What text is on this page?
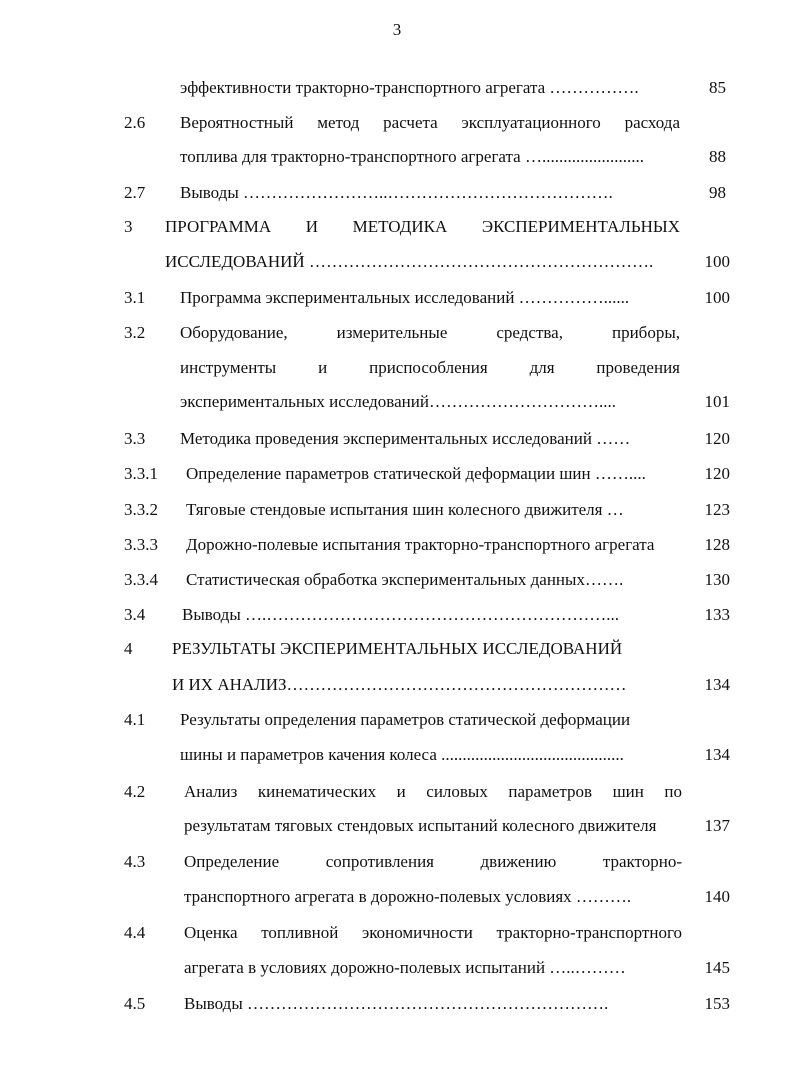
3
эффективности тракторно-транспортного агрегата …………….	85
2.6 Вероятностный метод расчета эксплуатационного расхода
топлива для тракторно-транспортного агрегата …........................	88
2.7 Выводы ……………………..………………………………….	98
3 ПРОГРАММА И МЕТОДИКА ЭКСПЕРИМЕНТАЛЬНЫХ
ИССЛЕДОВАНИЙ …………………………………………………….	100
3.1 Программа экспериментальных исследований ……………......	100
3.2 Оборудование, измерительные средства, приборы,
инструменты и приспособления для проведения
экспериментальных исследований…………………………....	101
3.3 Методика проведения экспериментальных исследований ……	120
3.3.1 Определение параметров статической деформации шин ……....	120
3.3.2 Тяговые стендовые испытания шин колесного движителя …	123
3.3.3 Дорожно-полевые испытания тракторно-транспортного агрегата	128
3.3.4 Статистическая обработка экспериментальных данных…….	130
3.4 Выводы ….……………………………………………………...	133
4 РЕЗУЛЬТАТЫ ЭКСПЕРИМЕНТАЛЬНЫХ ИССЛЕДОВАНИЙ
И ИХ АНАЛИЗ……………………………………………………	134
4.1 Результаты определения параметров статической деформации
шины и параметров качения колеса ...........................................	134
4.2 Анализ кинематических и силовых параметров шин по
результатам тяговых стендовых испытаний колесного движителя	137
4.3 Определение сопротивления движению тракторно-
транспортного агрегата в дорожно-полевых условиях ……….	140
4.4 Оценка топливной экономичности тракторно-транспортного
агрегата в условиях дорожно-полевых испытаний …..………	145
4.5 Выводы ……………………………………………………….	153
